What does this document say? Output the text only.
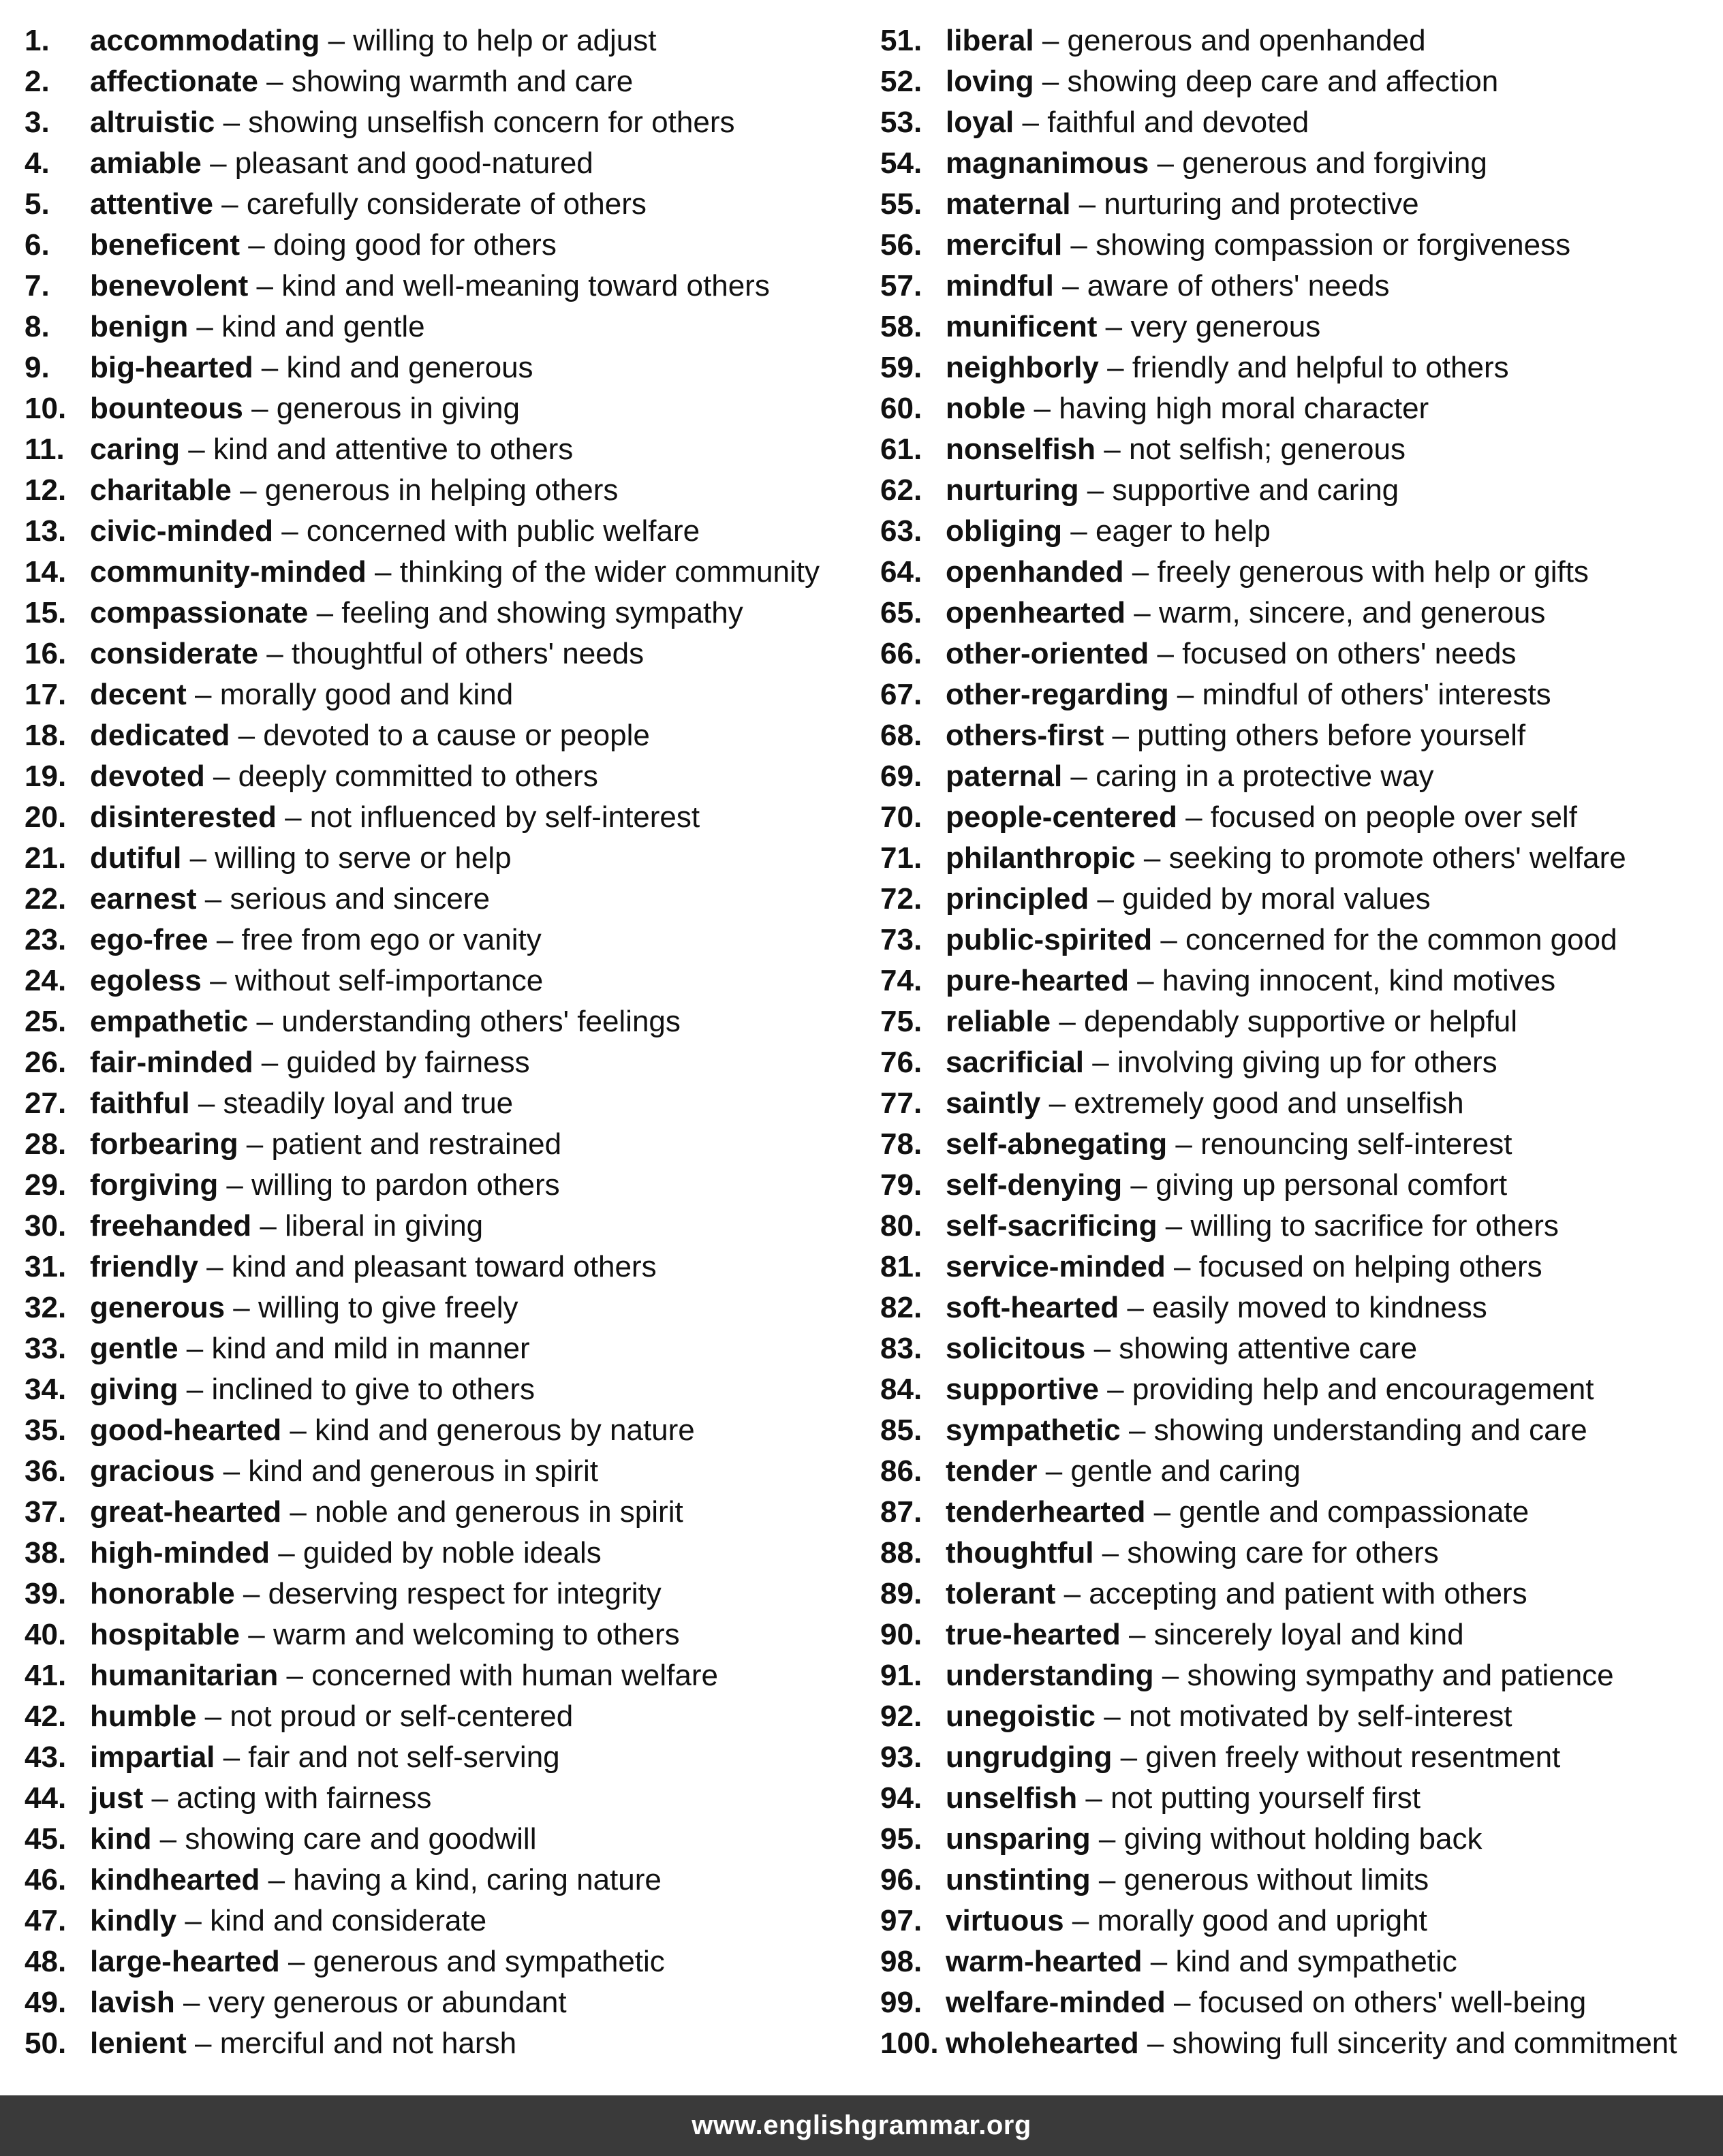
1. accommodating – willing to help or adjust
2. affectionate – showing warmth and care
3. altruistic – showing unselfish concern for others
4. amiable – pleasant and good-natured
5. attentive – carefully considerate of others
6. beneficent – doing good for others
7. benevolent – kind and well-meaning toward others
8. benign – kind and gentle
9. big-hearted – kind and generous
10. bounteous – generous in giving
11. caring – kind and attentive to others
12. charitable – generous in helping others
13. civic-minded – concerned with public welfare
14. community-minded – thinking of the wider community
15. compassionate – feeling and showing sympathy
16. considerate – thoughtful of others' needs
17. decent – morally good and kind
18. dedicated – devoted to a cause or people
19. devoted – deeply committed to others
20. disinterested – not influenced by self-interest
21. dutiful – willing to serve or help
22. earnest – serious and sincere
23. ego-free – free from ego or vanity
24. egoless – without self-importance
25. empathetic – understanding others' feelings
26. fair-minded – guided by fairness
27. faithful – steadily loyal and true
28. forbearing – patient and restrained
29. forgiving – willing to pardon others
30. freehanded – liberal in giving
31. friendly – kind and pleasant toward others
32. generous – willing to give freely
33. gentle – kind and mild in manner
34. giving – inclined to give to others
35. good-hearted – kind and generous by nature
36. gracious – kind and generous in spirit
37. great-hearted – noble and generous in spirit
38. high-minded – guided by noble ideals
39. honorable – deserving respect for integrity
40. hospitable – warm and welcoming to others
41. humanitarian – concerned with human welfare
42. humble – not proud or self-centered
43. impartial – fair and not self-serving
44. just – acting with fairness
45. kind – showing care and goodwill
46. kindhearted – having a kind, caring nature
47. kindly – kind and considerate
48. large-hearted – generous and sympathetic
49. lavish – very generous or abundant
50. lenient – merciful and not harsh
51. liberal – generous and openhanded
52. loving – showing deep care and affection
53. loyal – faithful and devoted
54. magnanimous – generous and forgiving
55. maternal – nurturing and protective
56. merciful – showing compassion or forgiveness
57. mindful – aware of others' needs
58. munificent – very generous
59. neighborly – friendly and helpful to others
60. noble – having high moral character
61. nonselfish – not selfish; generous
62. nurturing – supportive and caring
63. obliging – eager to help
64. openhanded – freely generous with help or gifts
65. openhearted – warm, sincere, and generous
66. other-oriented – focused on others' needs
67. other-regarding – mindful of others' interests
68. others-first – putting others before yourself
69. paternal – caring in a protective way
70. people-centered – focused on people over self
71. philanthropic – seeking to promote others' welfare
72. principled – guided by moral values
73. public-spirited – concerned for the common good
74. pure-hearted – having innocent, kind motives
75. reliable – dependably supportive or helpful
76. sacrificial – involving giving up for others
77. saintly – extremely good and unselfish
78. self-abnegating – renouncing self-interest
79. self-denying – giving up personal comfort
80. self-sacrificing – willing to sacrifice for others
81. service-minded – focused on helping others
82. soft-hearted – easily moved to kindness
83. solicitous – showing attentive care
84. supportive – providing help and encouragement
85. sympathetic – showing understanding and care
86. tender – gentle and caring
87. tenderhearted – gentle and compassionate
88. thoughtful – showing care for others
89. tolerant – accepting and patient with others
90. true-hearted – sincerely loyal and kind
91. understanding – showing sympathy and patience
92. unegoistic – not motivated by self-interest
93. ungrudging – given freely without resentment
94. unselfish – not putting yourself first
95. unsparing – giving without holding back
96. unstinting – generous without limits
97. virtuous – morally good and upright
98. warm-hearted – kind and sympathetic
99. welfare-minded – focused on others' well-being
100. wholehearted – showing full sincerity and commitment
www.englishgrammar.org
